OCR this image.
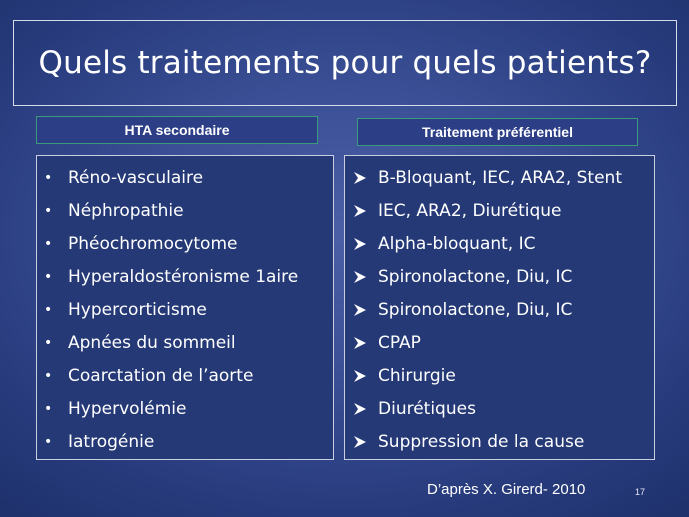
Quels traitements pour quels patients?
HTA secondaire	Traitement préférentiel
• Réno-vasculaire
• Néphropathie
• Phéochromocytome
• Hyperaldostéronisme 1aire
• Hypercorticisme
• Apnées du sommeil
• Coarctation de l’aorte
• Hypervolémie
• Iatrogénie
B-Bloquant, IEC, ARA2, Stent
IEC, ARA2, Diurétique
Alpha-bloquant, IC
Spironolactone, Diu, IC
Spironolactone, Diu, IC
CPAP
Chirurgie
Diurétiques
Suppression de la cause
D’après X. Girerd- 2010	17
